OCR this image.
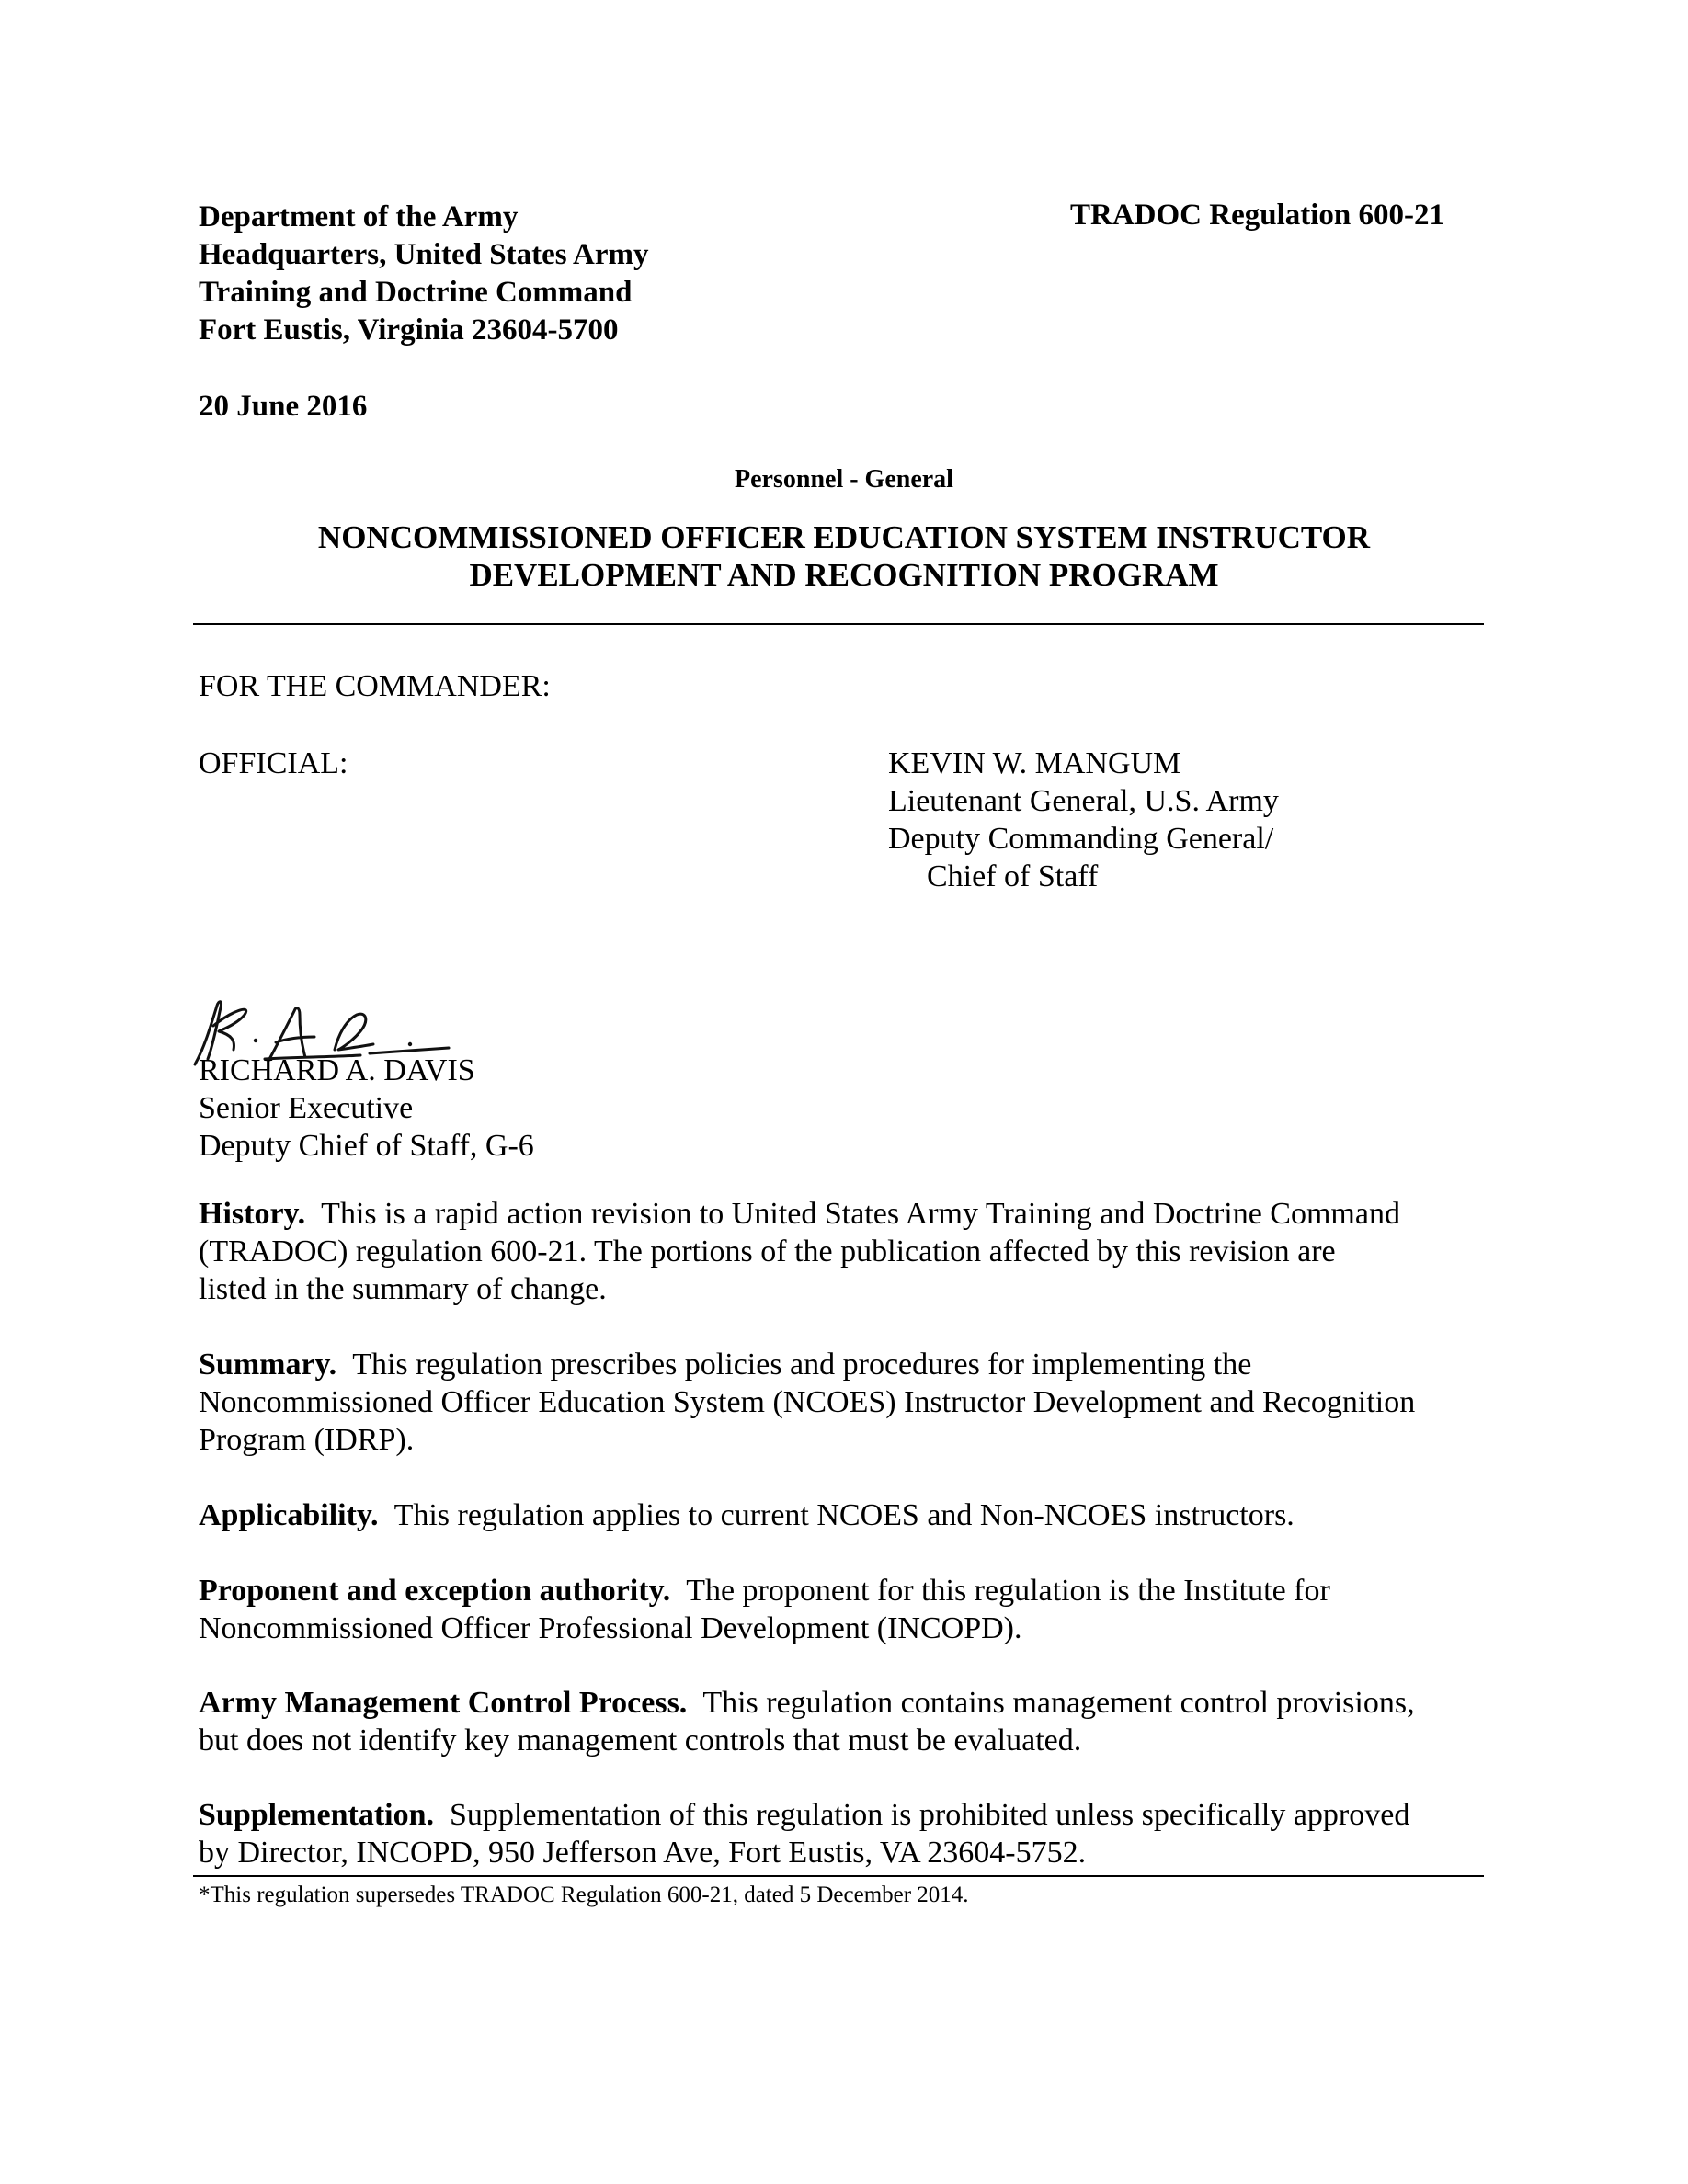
Department of the Army
Headquarters, United States Army
Training and Doctrine Command
Fort Eustis, Virginia 23604-5700
TRADOC Regulation 600-21
20 June 2016
Personnel - General
NONCOMMISSIONED OFFICER EDUCATION SYSTEM INSTRUCTOR
DEVELOPMENT AND RECOGNITION PROGRAM
FOR THE COMMANDER:
OFFICIAL:	KEVIN W. MANGUM
Lieutenant General, U.S. Army
Deputy Commanding General/
Chief of Staff
RICHARD A. DAVIS
Senior Executive
Deputy Chief of Staff, G-6
History. This is a rapid action revision to United States Army Training and Doctrine Command
(TRADOC) regulation 600-21. The portions of the publication affected by this revision are
listed in the summary of change.
Summary. This regulation prescribes policies and procedures for implementing the
Noncommissioned Officer Education System (NCOES) Instructor Development and Recognition
Program (IDRP).
Applicability. This regulation applies to current NCOES and Non-NCOES instructors.
Proponent and exception authority. The proponent for this regulation is the Institute for
Noncommissioned Officer Professional Development (INCOPD).
Army Management Control Process. This regulation contains management control provisions,
but does not identify key management controls that must be evaluated.
Supplementation. Supplementation of this regulation is prohibited unless specifically approved
by Director, INCOPD, 950 Jefferson Ave, Fort Eustis, VA 23604-5752.
*This regulation supersedes TRADOC Regulation 600-21, dated 5 December 2014.
